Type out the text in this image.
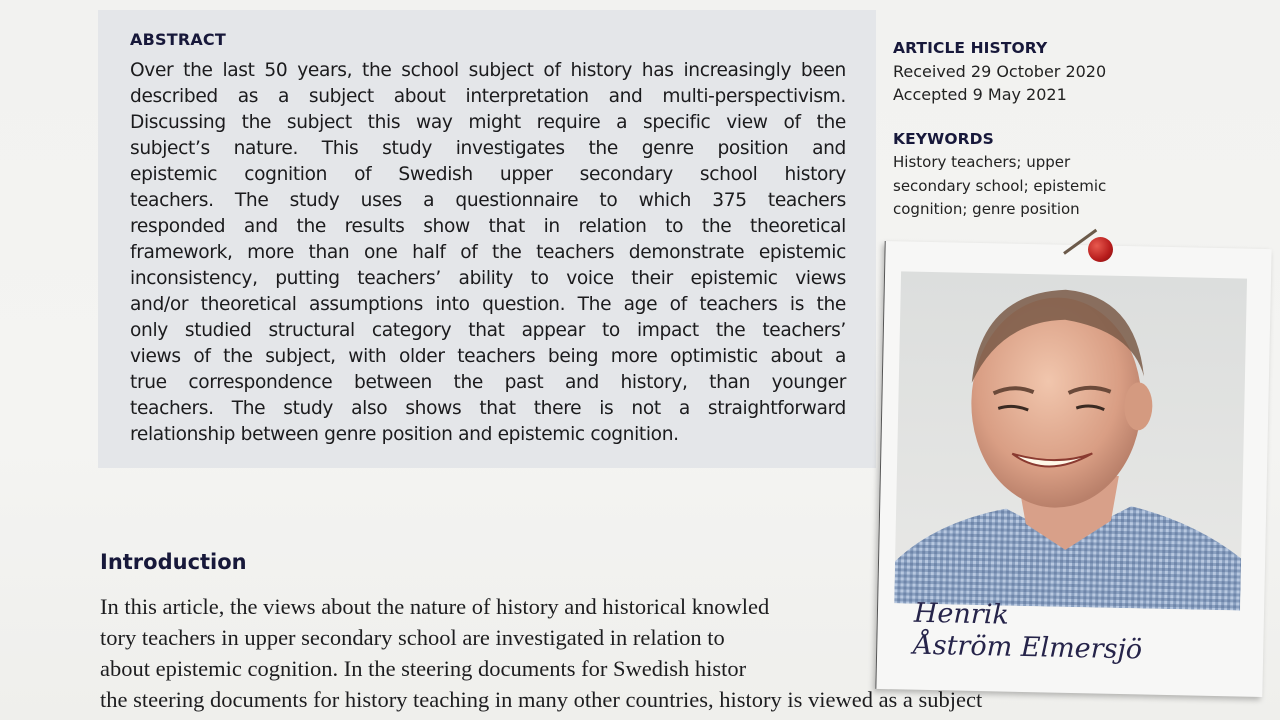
ABSTRACT
Over the last 50 years, the school subject of history has increasingly been
described as a subject about interpretation and multi-perspectivism.
Discussing the subject this way might require a specific view of the
subject’s nature. This study investigates the genre position and
epistemic cognition of Swedish upper secondary school history
teachers. The study uses a questionnaire to which 375 teachers
responded and the results show that in relation to the theoretical
framework, more than one half of the teachers demonstrate epistemic
inconsistency, putting teachers’ ability to voice their epistemic views
and/or theoretical assumptions into question. The age of teachers is the
only studied structural category that appear to impact the teachers’
views of the subject, with older teachers being more optimistic about a
true correspondence between the past and history, than younger
teachers. The study also shows that there is not a straightforward
relationship between genre position and epistemic cognition.
ARTICLE HISTORY
Received 29 October 2020
Accepted 9 May 2021
KEYWORDS
History teachers; upper
secondary school; epistemic
cognition; genre position
Introduction
In this article, the views about the nature of history and historical knowled
tory teachers in upper secondary school are investigated in relation to
about epistemic cognition. In the steering documents for Swedish histor
the steering documents for history teaching in many other countries, history is viewed as a subject
Henrik
Åström Elmersjö
